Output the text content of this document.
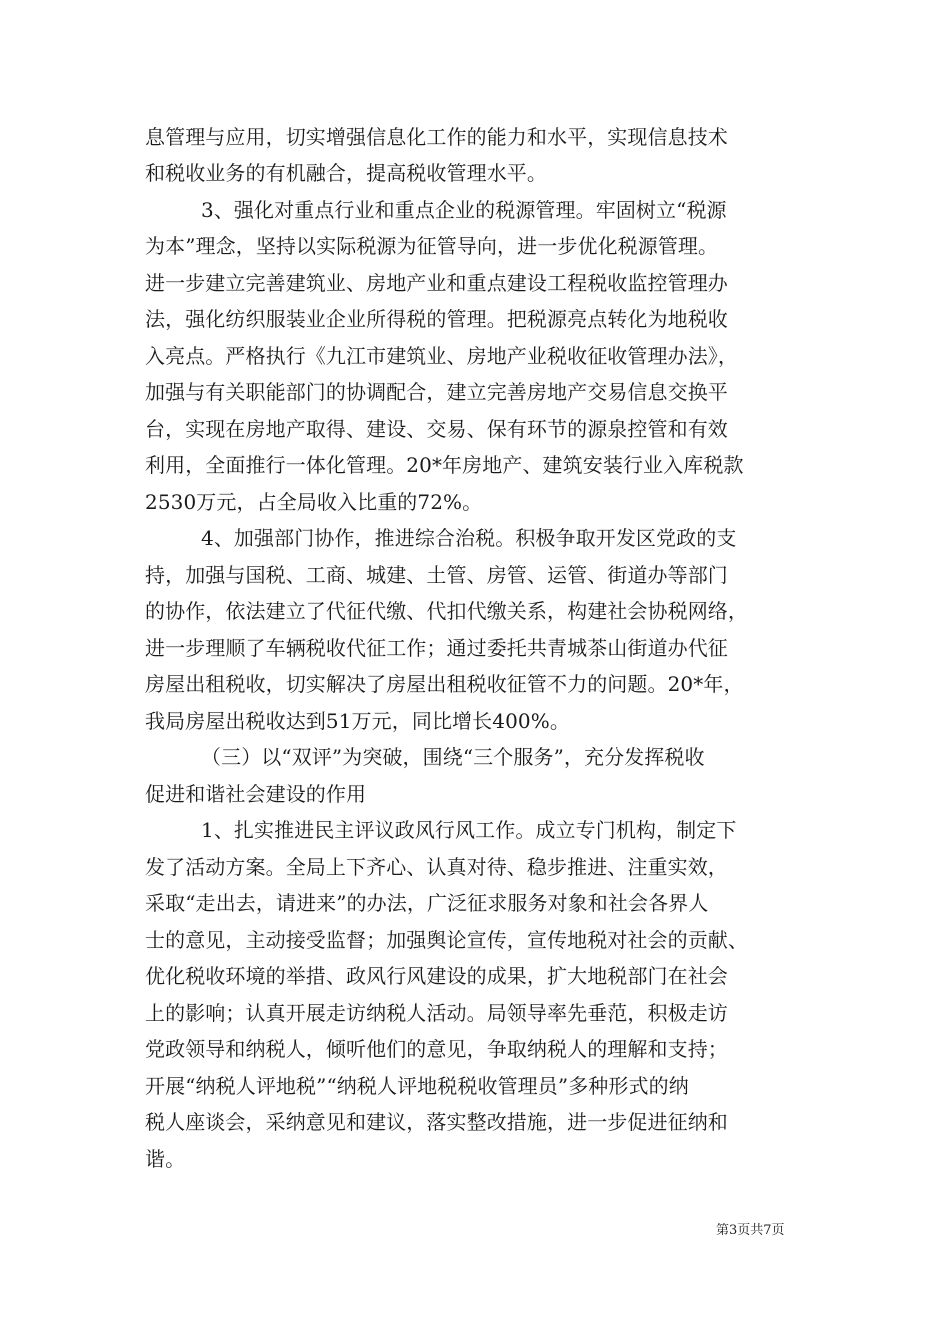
息管理与应用，切实增强信息化工作的能力和水平，实现信息技术
和税收业务的有机融合，提高税收管理水平。
3、强化对重点行业和重点企业的税源管理。牢固树立“税源
为本”理念，坚持以实际税源为征管导向，进一步优化税源管理。
进一步建立完善建筑业、房地产业和重点建设工程税收监控管理办
法，强化纺织服装业企业所得税的管理。把税源亮点转化为地税收
入亮点。严格执行《九江市建筑业、房地产业税收征收管理办法》，
加强与有关职能部门的协调配合，建立完善房地产交易信息交换平
台，实现在房地产取得、建设、交易、保有环节的源泉控管和有效
利用，全面推行一体化管理。20*年房地产、建筑安装行业入库税款
2530万元，占全局收入比重的72%。
4、加强部门协作，推进综合治税。积极争取开发区党政的支
持，加强与国税、工商、城建、土管、房管、运管、街道办等部门
的协作，依法建立了代征代缴、代扣代缴关系，构建社会协税网络，
进一步理顺了车辆税收代征工作；通过委托共青城茶山街道办代征
房屋出租税收，切实解决了房屋出租税收征管不力的问题。20*年，
我局房屋出税收达到51万元，同比增长400%。
（三）以“双评”为突破，围绕“三个服务”，充分发挥税收
促进和谐社会建设的作用
1、扎实推进民主评议政风行风工作。成立专门机构，制定下
发了活动方案。全局上下齐心、认真对待、稳步推进、注重实效，
采取“走出去，请进来”的办法，广泛征求服务对象和社会各界人
士的意见，主动接受监督；加强舆论宣传，宣传地税对社会的贡献、
优化税收环境的举措、政风行风建设的成果，扩大地税部门在社会
上的影响；认真开展走访纳税人活动。局领导率先垂范，积极走访
党政领导和纳税人，倾听他们的意见，争取纳税人的理解和支持；
开展“纳税人评地税”“纳税人评地税税收管理员”多种形式的纳
税人座谈会，采纳意见和建议，落实整改措施，进一步促进征纳和
谐。
第3页共7页
